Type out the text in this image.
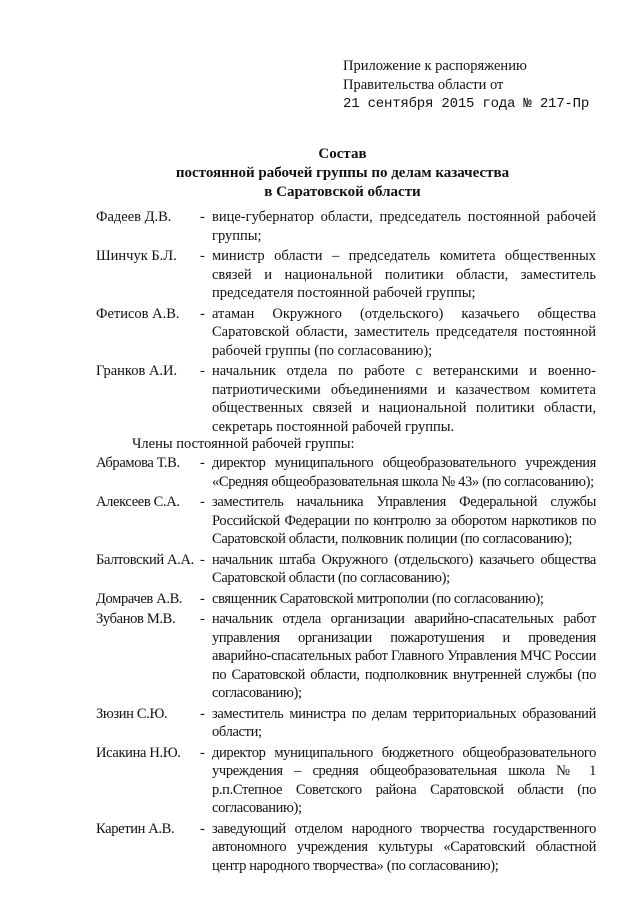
Приложение к распоряжению
Правительства области от
21 сентября 2015 года № 217-Пр
Состав
постоянной рабочей группы по делам казачества
в Саратовской области
Фадеев Д.В.	- вице-губернатор области, председатель постоянной рабочей группы;
Шинчук Б.Л.	- министр области – председатель комитета общественных связей и национальной политики области, заместитель председателя постоянной рабочей группы;
Фетисов А.В.	- атаман Окружного (отдельского) казачьего общества Саратовской области, заместитель председателя постоянной рабочей группы (по согласованию);
Гранков А.И.	- начальник отдела по работе с ветеранскими и военно-патриотическими объединениями и казачеством комитета общественных связей и национальной политики области, секретарь постоянной рабочей группы.
Члены постоянной рабочей группы:
Абрамова Т.В.	- директор муниципального общеобразовательного учреждения «Средняя общеобразовательная школа № 43» (по согласованию);
Алексеев С.А.	- заместитель начальника Управления Федеральной службы Российской Федерации по контролю за оборотом наркотиков по Саратовской области, полковник полиции (по согласованию);
Балтовский А.А. - начальник штаба Окружного (отдельского) казачьего общества Саратовской области (по согласованию);
Домрачев А.В.	- священник Саратовской митрополии (по согласованию);
Зубанов М.В.	- начальник отдела организации аварийно-спасательных работ управления организации пожаротушения и проведения аварийно-спасательных работ Главного Управления МЧС России по Саратовской области, подполковник внутренней службы (по согласованию);
Зюзин С.Ю.	- заместитель министра по делам территориальных образований области;
Исакина Н.Ю.	- директор муниципального бюджетного общеобразовательного учреждения – средняя общеобразовательная школа № 1 р.п.Степное Советского района Саратовской области (по согласованию);
Каретин А.В.	- заведующий отделом народного творчества государственного автономного учреждения культуры «Саратовский областной центр народного творчества» (по согласованию);
